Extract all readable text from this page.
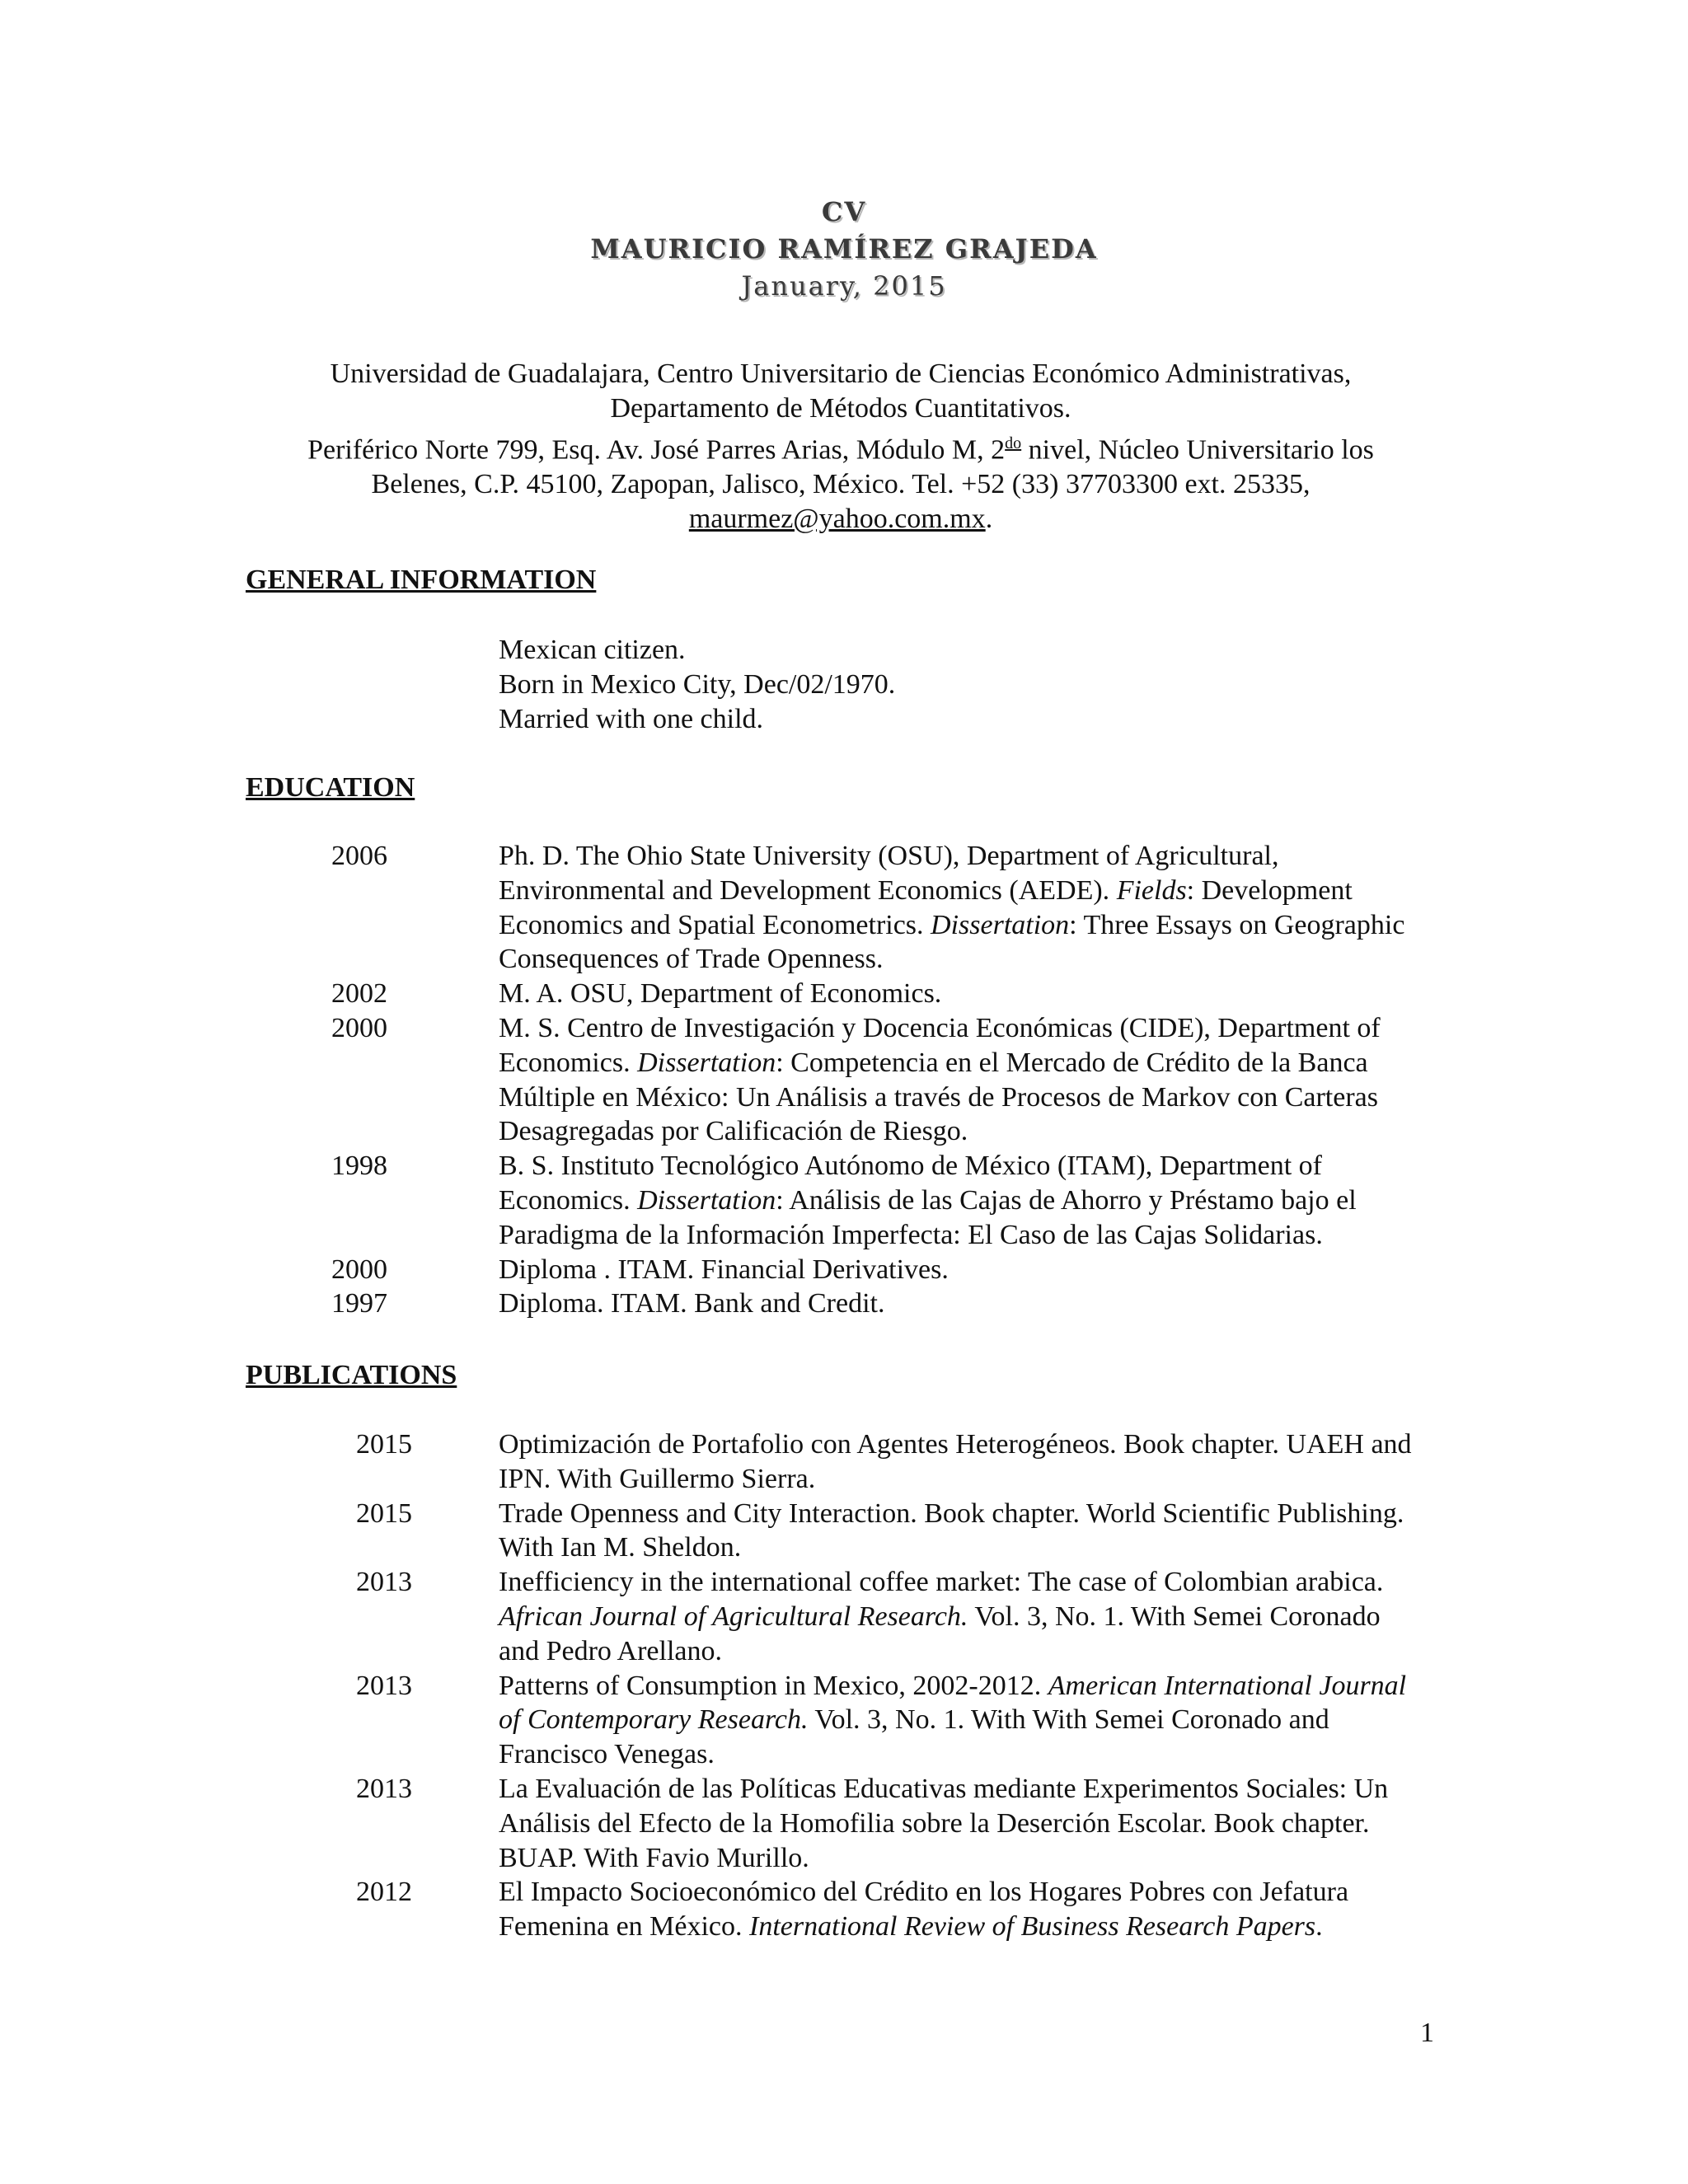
CV
MAURICIO RAMÍREZ GRAJEDA
January, 2015
Universidad de Guadalajara, Centro Universitario de Ciencias Económico Administrativas,
Departamento de Métodos Cuantitativos.
Periférico Norte 799, Esq. Av. José Parres Arias, Módulo M, $2^{do}$ nivel, Núcleo Universitario los
Belenes, C.P. 45100, Zapopan, Jalisco, México. Tel. +52 (33) 37703300 ext. 25335,
maurmez@yahoo.com.mx.
GENERAL INFORMATION
Mexican citizen.
Born in Mexico City, Dec/02/1970.
Married with one child.
EDUCATION
2006	Ph. D. The Ohio State University (OSU), Department of Agricultural, Environmental and Development Economics (AEDE). Fields: Development Economics and Spatial Econometrics. Dissertation: Three Essays on Geographic Consequences of Trade Openness.
2002	M. A. OSU, Department of Economics.
2000	M. S. Centro de Investigación y Docencia Económicas (CIDE), Department of Economics. Dissertation: Competencia en el Mercado de Crédito de la Banca Múltiple en México: Un Análisis a través de Procesos de Markov con Carteras Desagregadas por Calificación de Riesgo.
1998	B. S. Instituto Tecnológico Autónomo de México (ITAM), Department of Economics. Dissertation: Análisis de las Cajas de Ahorro y Préstamo bajo el Paradigma de la Información Imperfecta: El Caso de las Cajas Solidarias.
2000	Diploma . ITAM. Financial Derivatives.
1997	Diploma. ITAM. Bank and Credit.
PUBLICATIONS
2015	Optimización de Portafolio con Agentes Heterogéneos. Book chapter. UAEH and IPN. With Guillermo Sierra.
2015	Trade Openness and City Interaction. Book chapter. World Scientific Publishing. With Ian M. Sheldon.
2013	Inefficiency in the international coffee market: The case of Colombian arabica. African Journal of Agricultural Research. Vol. 3, No. 1. With Semei Coronado and Pedro Arellano.
2013	Patterns of Consumption in Mexico, 2002-2012. American International Journal of Contemporary Research. Vol. 3, No. 1. With With Semei Coronado and Francisco Venegas.
2013	La Evaluación de las Políticas Educativas mediante Experimentos Sociales: Un Análisis del Efecto de la Homofilia sobre la Deserción Escolar. Book chapter. BUAP. With Favio Murillo.
2012	El Impacto Socioeconómico del Crédito en los Hogares Pobres con Jefatura Femenina en México. International Review of Business Research Papers.
1
